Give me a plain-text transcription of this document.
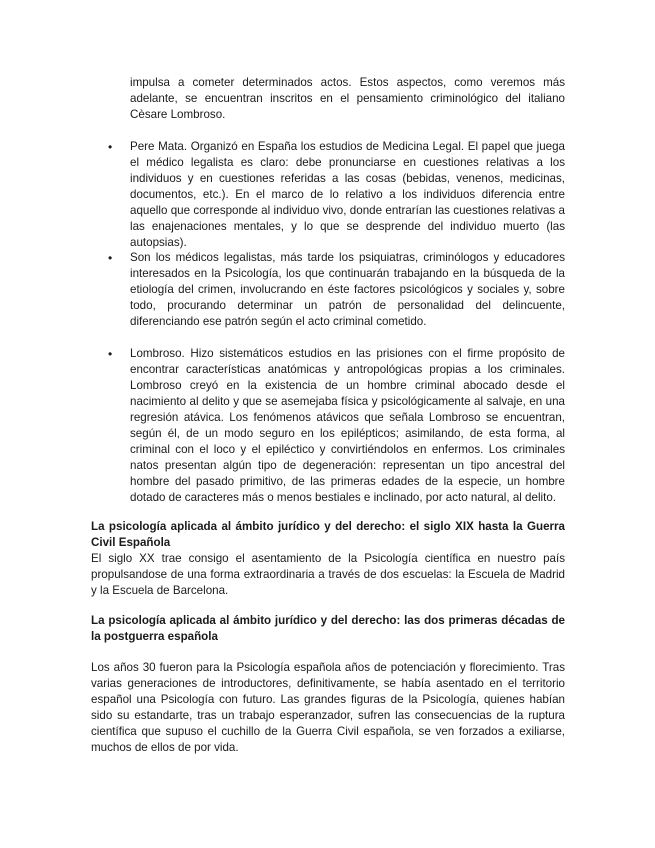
impulsa a cometer determinados actos. Estos aspectos, como veremos más adelante, se encuentran inscritos en el pensamiento criminológico del italiano Cèsare Lombroso.

• Pere Mata. Organizó en España los estudios de Medicina Legal. El papel que juega el médico legalista es claro: debe pronunciarse en cuestiones relativas a los individuos y en cuestiones referidas a las cosas (bebidas, venenos, medicinas, documentos, etc.). En el marco de lo relativo a los individuos diferencia entre aquello que corresponde al individuo vivo, donde entrarían las cuestiones relativas a las enajenaciones mentales, y lo que se desprende del individuo muerto (las autopsias).

• Son los médicos legalistas, más tarde los psiquiatras, criminólogos y educadores interesados en la Psicología, los que continuarán trabajando en la búsqueda de la etiología del crimen, involucrando en éste factores psicológicos y sociales y, sobre todo, procurando determinar un patrón de personalidad del delincuente, diferenciando ese patrón según el acto criminal cometido.

• Lombroso. Hizo sistemáticos estudios en las prisiones con el firme propósito de encontrar características anatómicas y antropológicas propias a los criminales. Lombroso creyó en la existencia de un hombre criminal abocado desde el nacimiento al delito y que se asemejaba física y psicológicamente al salvaje, en una regresión atávica. Los fenómenos atávicos que señala Lombroso se encuentran, según él, de un modo seguro en los epilépticos; asimilando, de esta forma, al criminal con el loco y el epiléctico y convirtiéndolos en enfermos. Los criminales natos presentan algún tipo de degeneración: representan un tipo ancestral del hombre del pasado primitivo, de las primeras edades de la especie, un hombre dotado de caracteres más o menos bestiales e inclinado, por acto natural, al delito.

La psicología aplicada al ámbito jurídico y del derecho: el siglo XIX hasta la Guerra Civil Española

El siglo XX trae consigo el asentamiento de la Psicología científica en nuestro país propulsandose de una forma extraordinaria a través de dos escuelas: la Escuela de Madrid y la Escuela de Barcelona.

La psicología aplicada al ámbito jurídico y del derecho: las dos primeras décadas de la postguerra española

Los años 30 fueron para la Psicología española años de potenciación y florecimiento. Tras varias generaciones de introductores, definitivamente, se había asentado en el territorio español una Psicología con futuro. Las grandes figuras de la Psicología, quienes habían sido su estandarte, tras un trabajo esperanzador, sufren las consecuencias de la ruptura científica que supuso el cuchillo de la Guerra Civil española, se ven forzados a exiliarse, muchos de ellos de por vida.
